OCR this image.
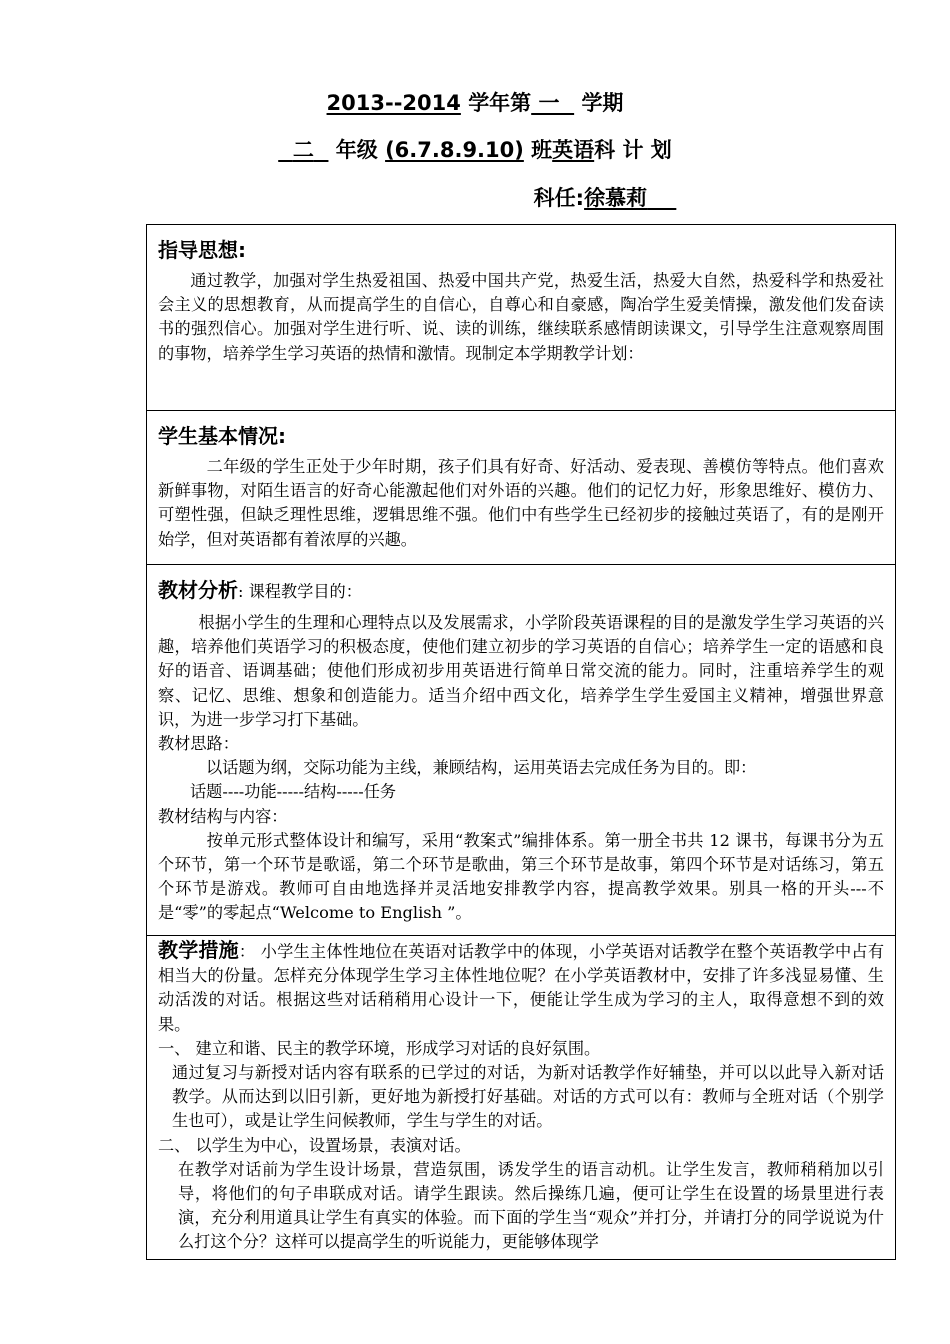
2013--2014 学年第 一 学期
二 年级 (6.7.8.9.10) 班英语科 计 划
科任:徐慕莉

指导思想:

通过教学，加强对学生热爱祖国、热爱中国共产党，热爱生活，热爱大自然，热爱科学和热爱社会主义的思想教育，从而提高学生的自信心，自尊心和自豪感，陶冶学生爱美情操，激发他们发奋读书的强烈信心。加强对学生进行听、说、读的训练，继续联系感情朗读课文，引导学生注意观察周围的事物，培养学生学习英语的热情和激情。现制定本学期教学计划：

学生基本情况:

二年级的学生正处于少年时期，孩子们具有好奇、好活动、爱表现、善模仿等特点。他们喜欢新鲜事物，对陌生语言的好奇心能激起他们对外语的兴趣。他们的记忆力好，形象思维好、模仿力、可塑性强，但缺乏理性思维，逻辑思维不强。他们中有些学生已经初步的接触过英语了，有的是刚开始学，但对英语都有着浓厚的兴趣。

教材分析: 课程教学目的：

根据小学生的生理和心理特点以及发展需求，小学阶段英语课程的目的是激发学生学习英语的兴趣，培养他们英语学习的积极态度，使他们建立初步的学习英语的自信心；培养学生一定的语感和良好的语音、语调基础；使他们形成初步用英语进行简单日常交流的能力。同时，注重培养学生的观察、记忆、思维、想象和创造能力。适当介绍中西文化，培养学生学生爱国主义精神，增强世界意识，为进一步学习打下基础。

教材思路：

以话题为纲，交际功能为主线，兼顾结构，运用英语去完成任务为目的。即：

话题----功能-----结构-----任务

教材结构与内容：

按单元形式整体设计和编写，采用“教案式”编排体系。第一册全书共 12 课书，每课书分为五个环节，第一个环节是歌谣，第二个环节是歌曲，第三个环节是故事，第四个环节是对话练习，第五个环节是游戏。教师可自由地选择并灵活地安排教学内容，提高教学效果。别具一格的开头---不是“零”的零起点“Welcome to English ”。

教学措施： 小学生主体性地位在英语对话教学中的体现，小学英语对话教学在整个英语教学中占有相当大的份量。怎样充分体现学生学习主体性地位呢？在小学英语教材中，安排了许多浅显易懂、生动活泼的对话。根据这些对话稍稍用心设计一下，便能让学生成为学习的主人，取得意想不到的效果。

一、 建立和谐、民主的教学环境，形成学习对话的良好氛围。

通过复习与新授对话内容有联系的已学过的对话，为新对话教学作好辅垫，并可以以此导入新对话教学。从而达到以旧引新，更好地为新授打好基础。对话的方式可以有：教师与全班对话（个别学生也可），或是让学生问候教师，学生与学生的对话。

二、 以学生为中心，设置场景，表演对话。

在教学对话前为学生设计场景，营造氛围，诱发学生的语言动机。让学生发言，教师稍稍加以引导，将他们的句子串联成对话。请学生跟读。然后操练几遍，便可让学生在设置的场景里进行表演，充分利用道具让学生有真实的体验。而下面的学生当“观众”并打分，并请打分的同学说说为什么打这个分？这样可以提高学生的听说能力，更能够体现学
